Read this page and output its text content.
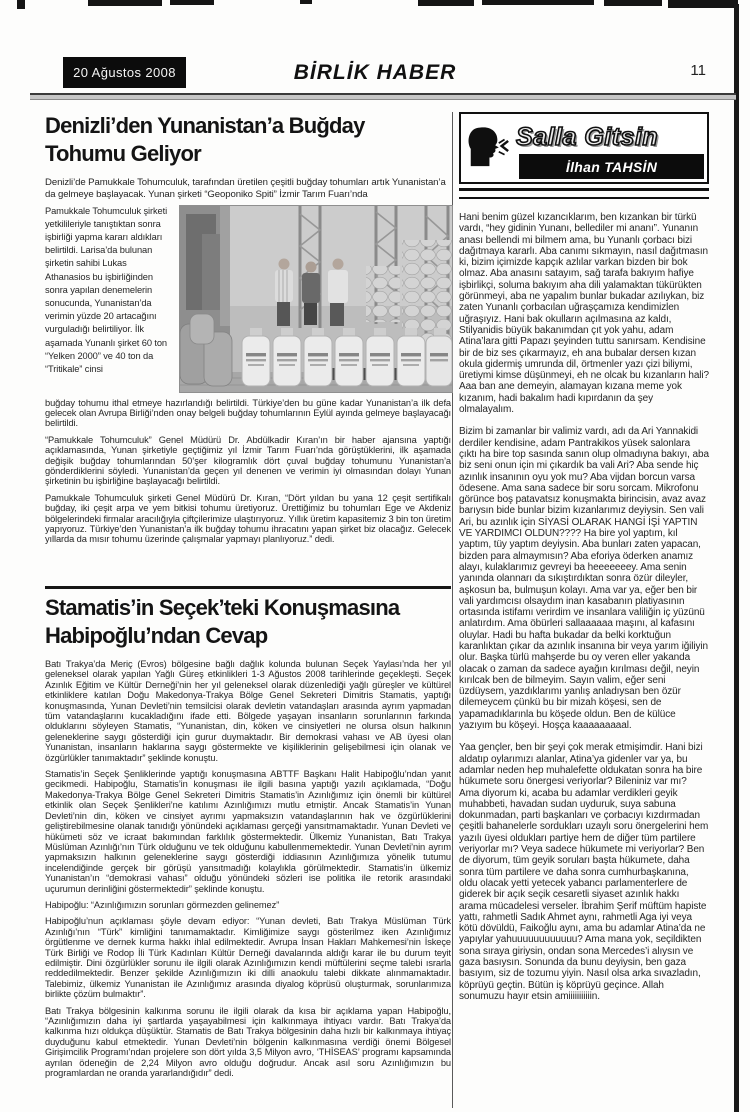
20 Ağustos 2008	BİRLİK HABER	11
Denizli’den Yunanistan’a Buğday
Tohumu Geliyor

Denizli’de Pamukkale Tohumculuk, tarafından üretilen çeşitli buğday tohumları artık Yunanistan’a da gelmeye başlayacak. Yunan şirketi “Geoponiko Spiti” İzmir Tarım Fuarı’nda

Pamukkale Tohumculuk şirketi yetkilileriyle tanıştıktan sonra işbirliği yapma kararı aldıkları belirtildi. Larisa’da bulunan şirketin sahibi Lukas Athanasios bu işbirliğinden sonra yapılan denemelerin sonucunda, Yunanistan’da verimin yüzde 20 artacağını vurguladığı belirtiliyor. İlk aşamada Yunanlı şirket 60 ton “Yelken 2000” ve 40 ton da “Tritikale” cinsi

buğday tohumu ithal etmeye hazırlandığı belirtildi. Türkiye’den bu güne kadar Yunanistan’a ilk defa gelecek olan Avrupa Birliği’nden onay belgeli buğday tohumlarının Eylül ayında gelmeye başlayacağı belirtildi.

“Pamukkale Tohumculuk” Genel Müdürü Dr. Abdülkadir Kıran’ın bir haber ajansına yaptığı açıklamasında, Yunan şirketiyle geçtiğimiz yıl İzmir Tarım Fuarı’nda görüştüklerini, ilk aşamada değişik buğday tohumlarından 50’şer kilogramlık dört çuval buğday tohumunu Yunanistan’a gönderdiklerini söyledi. Yunanistan’da geçen yıl denenen ve verimin iyi olmasından dolayı Yunan şirketinin bu işbirliğine başlayacağı belirtildi.

Pamukkale Tohumculuk şirketi Genel Müdürü Dr. Kıran, “Dört yıldan bu yana 12 çeşit sertifikalı buğday, iki çeşit arpa ve yem bitkisi tohumu üretiyoruz. Ürettiğimiz bu tohumları Ege ve Akdeniz bölgelerindeki firmalar aracılığıyla çiftçilerimize ulaştırıyoruz. Yıllık üretim kapasitemiz 3 bin ton üretim yapıyoruz. Türkiye’den Yunanistan’a ilk buğday tohumu ihracatını yapan şirket biz olacağız. Gelecek yıllarda da mısır tohumu üzerinde çalışmalar yapmayı planlıyoruz.” dedi.

Stamatis’in Seçek’teki Konuşmasına
Habipoğlu’ndan Cevap

Batı Trakya’da Meriç (Evros) bölgesine bağlı dağlık kolunda bulunan Seçek Yaylası’nda her yıl geleneksel olarak yapılan Yağlı Güreş etkinlikleri 1-3 Ağustos 2008 tarihlerinde geçekleşti. Seçek Azınlık Eğitim ve Kültür Derneği’nin her yıl geleneksel olarak düzenlediği yağlı güreşler ve kültürel etkinliklere katılan Doğu Makedonya-Trakya Bölge Genel Sekreteri Dimitris Stamatis, yaptığı konuşmasında, Yunan Devleti’nin temsilcisi olarak devletin vatandaşları arasında ayrım yapmadan tüm vatandaşlarını kucakladığını ifade etti. Bölgede yaşayan insanların sorunlarının farkında olduklarını söyleyen Stamatis, “Yunanistan, din, köken ve cinsiyetleri ne olursa olsun halkının geleneklerine saygı gösterdiği için gurur duymaktadır. Bir demokrasi vahası ve AB üyesi olan Yunanistan, insanların haklarına saygı göstermekte ve kişiliklerinin gelişebilmesi için olanak ve özgürlükler tanımaktadır” şeklinde konuştu.

Stamatis’in Seçek Şenliklerinde yaptığı konuşmasına ABTTF Başkanı Halit Habipoğlu’ndan yanıt gecikmedi. Habipoğlu, Stamatis’in konuşması ile ilgili basına yaptığı yazılı açıklamada, “Doğu Makedonya-Trakya Bölge Genel Sekreteri Dimitris Stamatis’in Azınlığımız için önemli bir kültürel etkinlik olan Seçek Şenlikleri’ne katılımı Azınlığımızı mutlu etmiştir. Ancak Stamatis’in Yunan Devleti’nin din, köken ve cinsiyet ayrımı yapmaksızın vatandaşlarının hak ve özgürlüklerini geliştirebilmesine olanak tanıdığı yönündeki açıklaması gerçeği yansıtmamaktadır. Yunan Devleti ve hükümeti söz ve icraat bakımından farklılık göstermektedir. Ülkemiz Yunanistan, Batı Trakya Müslüman Azınlığı’nın Türk olduğunu ve tek olduğunu kabullenmemektedir. Yunan Devleti’nin ayrım yapmaksızın halkının geleneklerine saygı gösterdiği iddiasının Azınlığımıza yönelik tutumu incelendiğinde gerçek bir görüşü yansıtmadığı kolaylıkla görülmektedir. Stamatis’in ülkemiz Yunanistan’ın “demokrasi vahası” olduğu yönündeki sözleri ise politika ile retorik arasındaki uçurumun derinliğini göstermektedir” şeklinde konuştu.

Habipoğlu: “Azınlığımızın sorunları görmezden gelinemez”

Habipoğlu’nun açıklaması şöyle devam ediyor: “Yunan devleti, Batı Trakya Müslüman Türk Azınlığı’nın “Türk” kimliğini tanımamaktadır. Kimliğimize saygı gösterilmez iken Azınlığımız örgütlenme ve dernek kurma hakkı ihlal edilmektedir. Avrupa İnsan Hakları Mahkemesi’nin İskeçe Türk Birliği ve Rodop İli Türk Kadınları Kültür Derneği davalarında aldığı karar ile bu durum teyit edilmiştir. Dini özgürlükler sorunu ile ilgili olarak Azınlığımızın kendi müftülerini seçme talebi ısrarla reddedilmektedir. Benzer şekilde Azınlığımızın iki dilli anaokulu talebi dikkate alınmamaktadır. Talebimiz, ülkemiz Yunanistan ile Azınlığımız arasında diyalog köprüsü oluşturmak, sorunlarımıza birlikte çözüm bulmaktır”.

Batı Trakya bölgesinin kalkınma sorunu ile ilgili olarak da kısa bir açıklama yapan Habipoğlu, “Azınlığımızın daha iyi şartlarda yaşayabilmesi için kalkınmaya ihtiyacı vardır. Batı Trakya’da kalkınma hızı oldukça düşüktür. Stamatis de Batı Trakya bölgesinin daha hızlı bir kalkınmaya ihtiyaç duyduğunu kabul etmektedir. Yunan Devleti’nin bölgenin kalkınmasına verdiği önemi Bölgesel Girişimcilik Programı’ndan projelere son dört yılda 3,5 Milyon avro, ‘THİSEAS’ programı kapsamında ayrılan ödeneğin de 2,24 Milyon avro olduğu doğrudur. Ancak asıl soru Azınlığımızın bu programlardan ne oranda yararlandığıdır” dedi.

Salla Gitsin
İlhan TAHSİN

Hani benim güzel kızancıklarım, ben kızankan bir türkü vardı, “hey gidinin Yunanı, bellediler mi ananı”. Yunanın anası bellendi mi bilmem ama, bu Yunanlı çorbacı bizi dağıtmaya kararlı. Aba canımı sıkmayın, nasıl dağıtmasın ki, bizim içimizde kapçık azlılar varkan bizden bir bok olmaz. Aba anasını satayım, sağ tarafa bakıyım hafiye işbirlikçi, soluma bakıyım aha dili yalamaktan tükürükten görünmeyi, aba ne yapalım bunlar bukadar azılıykan, biz zaten Yunanlı çorbacılan uğraşçamıza kendimizlen uğraşıyız. Hani bak okulların açılmasına az kaldı, Stilyanidis büyük bakanımdan çıt yok yahu, adam Atina’lara gitti Papazı şeyinden tuttu sanırsam. Kendisine bir de biz ses çıkarmayız, eh ana bubalar dersen kızan okula gidermiş umrunda dil, örtmenler yazı çizi biliymi, üretiymi kimse düşünmeyi, eh ne olcak bu kızanların hali? Aaa ban ane demeyin, alamayan kızana meme yok kızanım, hadi bakalım hadi kıpırdanın da şey olmalayalım.

Bizim bi zamanlar bir valimiz vardı, adı da Ari Yannakidi derdiler kendisine, adam Pantrakikos yüsek salonlara çıktı ha bire top sasında sanın olup olmadıyna bakıyı, aba biz seni onun için mi çıkardık ba vali Ari? Aba sende hiç azınlık insanının oyu yok mu? Aba vijdan borcun varsa ödesene. Ama sana sadece bir soru sorcam. Mikrofonu görünce boş patavatsız konuşmakta birincisin, avaz avaz barıysın bide bunlar bizim kızanlarımız deyiysin. Sen vali Ari, bu azınlık için SİYASİ OLARAK HANGİ İŞİ YAPTIN VE YARDIMCI OLDUN???? Ha bire yol yaptım, kıl yaptım, tüy yaptım deyiysin. Aba bunları zaten yapacan, bizden para almaymısın? Aba eforiya öderken anamız alayı, kulaklarımız gevreyi ba heeeeeeey. Ama senin yanında olannarı da sıkıştırdıktan sonra özür dileyler, aşkosun ba, bulmuşun kolayı. Ama var ya, eğer ben bir vali yardımcısı olsaydım inan kasabanın platiyasının ortasında istifamı verirdim ve insanlara valiliğin iç yüzünü anlatırdım. Ama öbürleri sallaaaaaa maşını, al kafasını oluylar. Hadi bu hafta bukadar da belki korktuğun karanlıktan çıkar da azınlık insanına bir veya yarım iğiliyin olur. Başka türlü mahşerde bu oy veren eller yakanda olacak o zaman da sadece ayağın kırılması değil, neyin kırılcak ben de bilmeyim. Sayın valim, eğer seni üzdüysem, yazdıklarımı yanlış anladıysan ben özür dilemeycem çünkü bu bir mizah köşesi, sen de yapamadıklarınla bu köşede oldun. Ben de külüce yazıyım bu köşeyi. Hoşça kaaaaaaaaal.

Yaa gençler, ben bir şeyi çok merak etmişimdir. Hani bizi aldatıp oylarımızı alanlar, Atina’ya gidenler var ya, bu adamlar neden hep muhalefette oldukatan sonra ha bire hükumete soru önergesi veriyorlar? Bileniniz var mı? Ama diyorum ki, acaba bu adamlar verdikleri geyik muhabbeti, havadan sudan uyduruk, suya sabuna dokunmadan, parti başkanları ve çorbacıyı kızdırmadan çeşitli bahanelerle sordukları uzaylı soru önergelerini hem yazılı üyesi oldukları partiye hem de diğer tüm partilere veriyorlar mı? Veya sadece hükumete mi veriyorlar? Ben de diyorum, tüm geyik soruları başta hükumete, daha sonra tüm partilere ve daha sonra cumhurbaşkanına, oldu olacak yetti yetecek yabancı parlamenterlere de giderek bir açık seçik cesaretli siyaset azınlık hakkı arama mücadelesi verseler. İbrahim Şerif müftüm hapiste yattı, rahmetli Sadık Ahmet aynı, rahmetli Aga iyi veya kötü dövüldü, Faikoğlu aynı, ama bu adamlar Atina’da ne yapıylar yahuuuuuuuuuuuu? Ama mana yok, seçildikten sona sıraya giriysin, ondan sona Mercedes’i alıysın ve gaza basıysın. Sonunda da bunu deyiysin, ben gaza basıyım, siz de tozumu yiyin. Nasıl olsa arka sıvazladın, köprüyü geçtin. Bütün iş köprüyü geçince. Allah sonumuzu hayır etsin amiiiiiiiiiiin.
